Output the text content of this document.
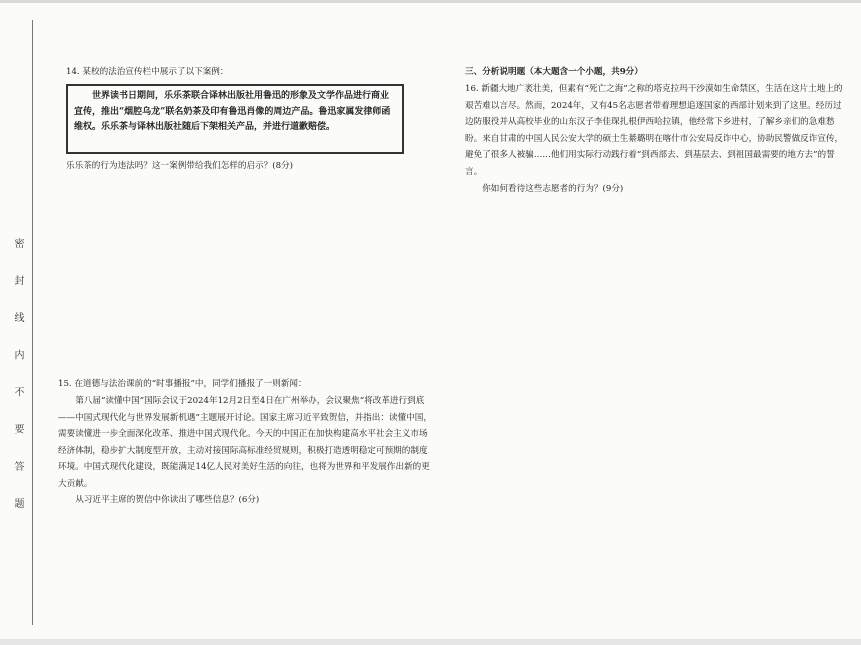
密 封 线 内 不 要 答 题
14. 某校的法治宣传栏中展示了以下案例：
世界读书日期间，乐乐茶联合译林出版社用鲁迅的形象及文学作品进行商业宣传，推出“烟腔乌龙”联名奶茶及印有鲁迅肖像的周边产品。鲁迅家属发律师函维权。乐乐茶与译林出版社随后下架相关产品，并进行道歉赔偿。
乐乐茶的行为违法吗？这一案例带给我们怎样的启示？(8分)
15. 在道德与法治课前的“时事播报”中，同学们播报了一则新闻：
第八届“读懂中国”国际会议于2024年12月2日至4日在广州举办，会议聚焦“将改革进行到底——中国式现代化与世界发展新机遇”主题展开讨论。国家主席习近平致贺信，并指出：读懂中国，需要读懂进一步全面深化改革、推进中国式现代化。今天的中国正在加快构建高水平社会主义市场经济体制，稳步扩大制度型开放，主动对接国际高标准经贸规则，积极打造透明稳定可预期的制度环境。中国式现代化建设，既能满足14亿人民对美好生活的向往，也将为世界和平发展作出新的更大贡献。
从习近平主席的贺信中你读出了哪些信息？(6分)
三、分析说明题（本大题含一个小题，共9分）
16. 新疆大地广袤壮美，但素有“死亡之海”之称的塔克拉玛干沙漠如生命禁区，生活在这片土地上的艰苦难以言尽。然而，2024年，又有45名志愿者带着理想追逐国家的西部计划来到了这里。经历过边防服役并从高校毕业的山东汉子李佳琛扎根伊西哈拉镇，他经常下乡进村，了解乡亲们的急难愁盼。来自甘肃的中国人民公安大学的硕士生綦璐明在喀什市公安局反诈中心，协助民警做反诈宣传，避免了很多人被骗……他们用实际行动践行着“到西部去、到基层去、到祖国最需要的地方去”的誓言。
你如何看待这些志愿者的行为？(9分)
